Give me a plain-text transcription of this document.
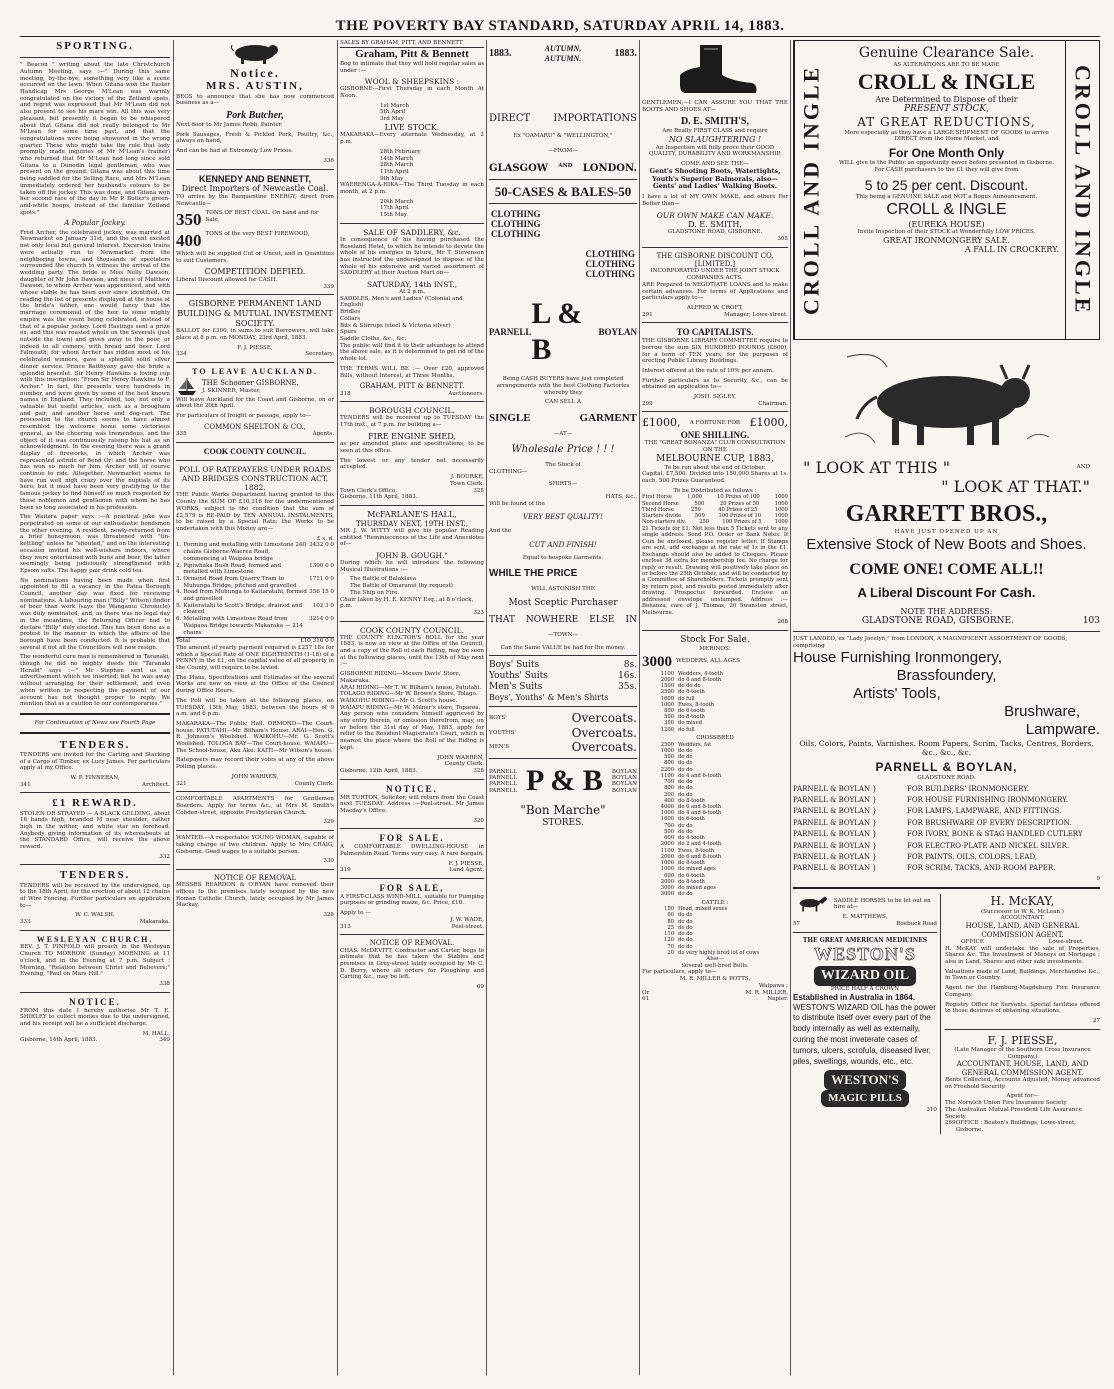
THE POVERTY BAY STANDARD, SATURDAY APRIL 14, 1883.
SPORTING.

" Beacon " writing about the late Christchurch Autumn Meeting, says :—" During this same meeting, by-the-bye, something very like a scene occurred on the lawn. When Gitana won the Easter Handicap Mrs George M'Lean was warmly congratulated on the victory of the Zetland spots, and regret was expressed that Mr M'Lean did not also present to see his mare win. All this was very pleasant, but presently it began to be whispered about that Gitana did not really belonged to Mr M'Lean for some time past, and that the congratulations were being showered in the wrong quarter. These who might take the rule that lady promptly made inquiries of Mr M'Lean's trainer) who returned that Mr M'Lean had long since sold Gitana to a Dunedin legal gentleman, who was present on the ground. Gitana was about this time being saddled for the Selling Race, and Mrs M'Lean immediately ordered her husband's colours to be taken off the jockey. This was done, and Gitana won her second race of the day in Mr P. Butler's green-and-white hoops, instead of the familiar Zetland spots."

A Popular Jockey.

Fred Archer, the celebrated jockey, was married at Newmarket on January 31st, and the event excited not only local but general interest. Excursion trains were actually run to Newmarket from the neighboring towns, and thousands of spectators surrounded the church to witness the arrival of the wedding party. The bride is Miss Nelly Dawson, daughter of Mr John Dawson, and niece of Matthew Dawson, to whom Archer was apprenticed, and with whose stable he has been ever since identified. On reading the list of presents displayed at the house of the bride's father, one would fancy that the marriage ceremonial of the heir to some mighty empire was the event being celebrated, instead of that of a popular jockey. Lord Hastings sent a prize ox, and this was roasted whole on the Severals (just outside the town) and given away to the poor, or indeed to all comers, with bread and beer. Lord Falmouth, for whom Archer has ridden most of his celebrated winners, gave a splendid solid silver dinner service. Prince Batthyany gave the bride a splendid bracelet. Sir Henry Hawkins a loving cup with this inscription: "From Sir Henry Hawkins to F. Archer." In fact, the presents were hundreds in number, and were given by some of the best known names in England. They included, too, not only a valuable but useful articles, such as a brougham and pair, and another horse and dog-cart. The procession to the church seems to have almost resembled the welcome home some victorious general, as the cheering was tremendous, and the object of it was continuously raising his hat as an acknowledgment. In the evening there was a grand display of fireworks, in which Archer was represented astride of Bend Or; and the horse who has won so much for him. Archer will of course continue to ride. Altogether, Newmarket seems to have run well nigh crazy over the nuptials of its hero; but it must have been very gratifying to the famous jockey to find himself so much respected by those noblemen and gentlemen with whom he has been so long associated in his profession.

The Waitara paper says :—A practical joke was perpetrated on some of our enthusiastic bondsmen the other evening. A resident, newly-returned from a brief honeymoon, was threatened with "tin-kettling" unless he "shouted," and on the interesting occasion invited his well-wishers indoors, where they were entertained with buns and beer, the latter seemingly being judiciously strengthened with Epsom salts. The happy pair drink cold tea.

No nominations having been made when first appointed to fill a vacancy in the Patea Borough Council, another day was fixed for receiving nominations. A labouring man ("Billy" Wilson) finder of beer than work (says the Wanganui Chronicle) was duly nominated, and, as there was no legal day in the meantime, the Returning Officer had to declare "Billy" duly elected. This has been done as a protest to the manner in which the affairs of the borough have been conducted. It is probable that several if not all the Councillors will now resign.

The wonderful cure man is remembered in Taranaki, though he did no mighty deeds the "Taranaki Herald" says :—" Mr Stephen sent us an advertisement which we inserted; but he was away without arranging for their settlement, and even when written to respecting the payment of our account has not thought proper to reply. We mention that as a caution to our contemporaries."

For Continuation of News see Fourth Page
TENDERS.

TENDERS are invited for the Carting and Stacking of a Cargo of Timber, ex Lucy James. For particulars apply at my Office.

W. P. FINNERAN,
341	Architect.
£1 REWARD.

STOLEN OR STRAYED — A BLACK GELDING, about 16 hands high, branded M near shoulder, rather high in the wither, and white star on forehead. Anybody giving information of its whereabouts at the STANDARD Office, will receive the above reward.

332
TENDERS.

TENDERS will be received by the undersigned, up to the 18th April, for the erection of about 12 chains of Wire Fencing. Further particulars on application to—

W. C. WALSH,
333	Makaraka.
WESLEYAN CHURCH.

REV. J. T. PINFOLD will preach in the Wesleyan Church TO MORROW (Sunday) MORNING at 11 o'clock, and in the Evening at 7 p.m. Subject : Morning, "Relation between Christ and Believers;" Evening, "Paul on Mars Hill."

338
NOTICE.

FROM this date I hereby authorise Mr T. E. SHIRLEY to collect monies due to the undersigned, and his receipt will be a sufficient discharge.

M. HALL,
Gisborne, 14th April, 1883.	349
Notice.
MRS. AUSTIN,

BEGS to announce that she has now commenced business as a—

Pork Butcher,

Next door to Mr James Robb, Painter.

Pork Sausages, Fresh & Pickled Pork, Poultry, &c., always on hand,

And can be had at Extremely Low Prices.

336
KENNEDY AND BENNETT,
Direct Importers of Newcastle Coal.

TO arrive by the Barquentine ENERGY, direct from Newcastle—

350 TONS OF BEST COAL. On hand and for Sale,
400 TONS of the very BEST FIREWOOD,

Which will be supplied Cut or Uncut, and in Quantities to suit Customers.

COMPETITION DEFIED.
Liberal Discount allowed for CASH.
339
GISBORNE PERMANENT LAND BUILDING & MUTUAL INVESTMENT SOCIETY.

BALLOT for £300, in sums to suit Borrowers, will take place at 8 p.m. on MONDAY, 23rd April, 1883.

F. J. PIESSE,
334	Secretary.
TO LEAVE AUCKLAND.
THE Schooner GISBORNE,
J. SKINNER, Master,

Will leave Auckland for the Coast and Gisborne, on or about the 20th April.

For particulars of freight or passage, apply to—

COMMON SHELTON & CO.,
335	Agents.
COOK COUNTY COUNCIL.
POLL OF RATEPAYERS UNDER ROADS AND BRIDGES CONSTRUCTION ACT, 1882.

THE Public Works Department having granted to this County the SUM OF £10,316 for the undermentioned WORKS, subject to the condition that the sum of £2,579 is RE-PAID by TEN ANNUAL INSTALMENTS, to be raised by a Special Rate; the Works to be undertaken with this Money are—

£ s. d.
1. Forming and metalling with Limestone 240 chains Gisborne-Waerea Road, commencing at Waipaoa bridge
3432 0 0
2. Pipiwhaka Bush Road, formed and metalled with Limestone
1300 0 0
3. Ormond Road from Quarry Tram to Muhunga Bridge, pitched and gravelled
1711 0 0
4. Road from Muhunga to Kaitaratahi, formed and gravelled
356 15 0
5. Kaiteratahi to Scott's Bridge, drained and cleared
102 3 0
6. Metalling with Limestone Road from Waipaoa Bridge towards Makaraka — 214 chains
3214 0 0
Total	£10,316 0 0

The amount of yearly payment required is £257 18s for which a Special Rate of ONE EIGHTEENTH (1-18) of a PENNY in the £1, on the capital value of all property in the County, will require to be levied.

The Plans, Specifications and Estimates of the several Works are now on view at the Office of the Council during Office Hours.

The Poll will be taken at the following places, on TUESDAY, 15th May, 1883, between the hours of 9 a.m. and 6 p.m.

MAKARAKA—The Public Hall. ORMOND—The Court-house. PATUTAHI—Mr. Bilham's House. ARAI—Hon. G. R. Johnson's Woolshed. WAIKOHU—Mr. G. Scott's Woolshed. TOLOGA BAY—The Court-house. WAIAPU—The School-house, Aku Aku. KAITI—Mr Wilson's house.

Ratepayers may record their votes at any of the above Polling places.

JOHN WARREN,
321	County Clerk.

COMFORTABLE APARTMENTS for Gentlemen Boarders. Apply for terms &c., at Mrs M. Smith's Cobden-street, opposite Presbyterian Church.

329

WANTED.—A respectable YOUNG WOMAN, capable of taking charge of two children. Apply to Mrs CRAIG, Gisborne. Good wages to a suitable person.

330
NOTICE OF REMOVAL

MESSRS REARDON & O'RYAN have removed their offices to the premises lately occupied by the new Roman Catholic Church, lately occupied by Mr James Mackay.

326
SALES BY GRAHAM, PITT, AND BENNETT
Graham, Pitt & Bennett

Beg to intimate that they will hold regular sales as under :—

WOOL & SHEEPSKINS :

GISBORNE—First Thursday in each Month At Noon.

1st March
5th April
3rd May
LIVE STOCK.

MAKARAKA—Every alternate Wednesday, at 2 p.m.

28th February
14th March
28th March
11th April
9th May

WAERENGA-A-HIKA—The Third Tuesday in each month, at 2 p.m.

20th March
17th April
15th May
SALE OF SADDLERY, &c.

In consequence of his having purchased the Roseland Hotel, to which he intends to devote the whole of his energies in future, Mr T. Stevenson has instructed the undersigned to dispose of the whole of his extensive and varied assortment of SADDLERY at their Auction Mart on—

SATURDAY, 14th INST.,
At 2 p.m.
SADDLES, Men's and Ladies' (Colonial and English)
Bridles
Collars
Bits & Stirrups (steel & Victoria silver)
Spurs
Saddle Cloths, &c., &c.

The public will find it to their advantage to attend the above sale, as it is determined to get rid of the whole lot.

THE TERMS WILL BE :— Over £20, approved Bills, without Interest, at Three Months.

GRAHAM, PITT & BENNETT.
318	Auctioneers.
BOROUGH COUNCIL.

TENDERS will be received up to TUESDAY the 17th inst., at 7 p.m. for building a—

FIRE ENGINE SHED,

as per amended plans and specifications, to be seen at this office.

The lowest or any tender not necessarily accepted.

J. BOURKE,
Town Clerk.
Town Clerk's Office,
Gisborne, 11th April, 1883.
325
McFARLANE'S HALL,
THURSDAY NEXT, 19TH INST.,

MR J. W. WITTY will give his popular Reading entitled "Reminiscences of the Life and Anecdotes of—

JOHN B. GOUGH."

During which he will introduce the following Musical Illustrations :—

The Battle of Balaklava
The Battle of Omaranui (by request)
The Ship on Fire.
Chair taken by H. E. KENNY Esq., at 8 o'clock, p.m.
323
COOK COUNTY COUNCIL.

THE COUNTY ELECTOR'S ROLL for the year 1883, is now on view at the Office of the Council, and a copy of the Roll of each Riding, may be seen at the following places, until the 13th of May next :—

GISBORNE RIDING—Messrs Davis' Store, Makaraka.
ARAI RIDING—Mr T. W. Bilham's house, Patutahi.
TOLAGO RIDING—Mr W. Brown's Store, Tolago.
WAIKOHU RIDING—Mr G. Scott's house.
WAIAPU RIDING—Mr W. Milner's store, Toparoa.

Any person who considers himself aggrieved by any entry therein, or omission therefrom, may, on or before the 31st day of May, 1883, apply for relief to the Resident Magistrate's Court, which is nearest the place where the Roll of the Riding is kept.

JOHN WARREN,
County Clerk.
Gisborne, 12th April, 1883.	328
NOTICE.

MR TURTON, Solicitor, will return from the Coast next TUESDAY. Address :—Peel-street. Mr James Macday's Office.

320
FOR SALE.

A COMFORTABLE DWELLING-HOUSE in Palmerston Road. Terms very easy. A rare bargain.

F. J. PIESSE,
319	Land Agent.
FOR SALE,

A FIRST-CLASS WIND-MILL, suitable for Pumping purposes or grinding maize, &c. Price, £10.

Apply to —
J. W. WADE,
313	Peel-street.
NOTICE OF REMOVAL.

CHAS. McDEVITT, Contractor and Carter, begs to intimate that he has taken the Stables and premises in Grey-street lately occupied by Mr C. D. Berry, where all orders for Ploughing and Carting &c., may be left.

69
1883.	AUTUMN,
AUTUMN.	1883.
DIRECT IMPORTATIONS
Ex "OAMARU" & "WELLINGTON,"
—FROM—
GLASGOW AND LONDON.
50-CASES & BALES-50
CLOTHING
CLOTHING
CLOTHING
CLOTHING
CLOTHING
CLOTHING
PARNELL
L & B
BOYLAN

Being CASH BUYERS have just completed arrangements with the best Clothing Factories whereby they

CAN SELL A
SINGLE	GARMENT
—AT—
Wholesale Price ! ! !
The Stock of
CLOTHING—
SHIRTS—
HATS, &c.,
Will be found of the
VERY BEST QUALITY!
And the
CUT AND FINISH!
Equal to bespoke Garments.
WHILE THE PRICE
WILL ASTONISH THE
Most Sceptic Purchaser
THAT NOWHERE ELSE IN
—TOWN—
Can the Same VALUE be had for the money.
Boys' Suits	8s.
Youths' Suits	16s.
Men's Suits	35s.
Boys', Youths' & Men's Shirts
BOYS'	Overcoats.
YOUTHS'	Overcoats.
MEN'S	Overcoats.
PARNELL
PARNELL
PARNELL
PARNELL P & B BOYLAN
BOYLAN
BOYLAN
BOYLAN
"Bon Marche"
STORES.

GENTLEMEN,—I CAN ASSURE YOU THAT THE BOOTS AND SHOES AT—

D. E. SMITH'S,
Are Really FIRST CLASS and require
NO SLAUGHTERING !

An Inspection will fully prove their GOOD QUALITY, DURABILITY AND WORKMANSHIP,

COME AND SEE THE—

Gent's Shooting Boots, Watertights, Youth's Superior Balmorals, also— Gents' and Ladies' Walking Boots.

I have a lot of MY OWN MAKE, and others For Better than—

OUR OWN MAKE CAN MAKE.
D. E. SMITH,
GLADSTONE ROAD, GISBORNE.
305
THE GISBORNE DISCOUNT CO, [LIMITED.]
INCORPORATED UNDER THE JOINT STOCK COMPANIES ACTS.

ARE Prepared to NEGOTIATE LOANS and to make certain advances. For terms of Applications and particulars apply to—

ALFRED W. CROFT,
291	Manager, Lowe-street.
TO CAPITALISTS.

THE GISBORNE LIBRARY COMMITTEE require to borrow the sum SIX HUNDRED POUNDS (£600), for a term of TEN years, for the purposes of erecting Public Library Buildings.

Interest offered at the rate of 10% per annum.

Further particulars as to Security &c., can be obtained on application to—

JOSH. SIGLEY,
299	Chairman.
£1000, A FORTUNE FOR £1000,
ONE SHILLING.
THE "GREAT BONANZA" CLUB CONSULTATION ON THE
MELBOURNE CUP, 1883,
To be run about the end of October.

Capital, £7,500. Divided into 150,000 Shares at 1s. each. 500 Prizes Guaranteed.

To be Distributed as follows :
First Horse	1,000	10 Prizes of 100	1000
Second Horse	500	20 Prizes of 50	1000
Third Horse	250	40 Prizes of 25	1000
Starters divide	500	100 Prizes of 10	1000
Non-starters div.	250	100 Prizes of 5	1000

21 Tickets for £1. Not less than 5 Tickets sent to any single address. Send P.O. Order or Bank Notes. If Coin be enclosed, please register letter. If Stamps are sent, add exchange at the rate of 1s in the £1. Exchange should also be added to Cheques. Please enclose 3d extra for membership fee. No charge for reply or result. Drawing will positively take place on or before the 25th October, and will be conducted by a Committee of Shareholders. Tickets promptly sent by return post, and results posted immediately after drawing. Prospectus forwarded. Enclose an addressed envelope unstamped. Address :— Bonanza, care of J. Thomas, 20 Swanston street, Melbourne.

268
Stock For Sale.
MERINOS:
3000 WEDDERS, ALL AGES
1100 Wedders, 4-tooth
2000 do 6 and 8-tooth
1500 do do do
2500 do 8-tooth
1600 do full
1000 Ewes, 8-tooth
800 do 6-tooth
500 do 8-tooth
300 do mixed
1200 do full
CROSSBRED
2500 Wedders, fat
1000 do do
500 do do
800 do do
2200 do do
1100 do 4 and 6-tooth
700 do do
800 do do
200 do do
400 do 8-tooth
4000 do 6 and 8-tooth
1000 do 4 and 6-tooth
1600 do 6-tooth
700 do do
500 do do
600 do 4-tooth
2000 do 2 and 4-tooth
1100 Ewes, 8-tooth
2000 do 6 and 8-tooth
1000 do 8-tooth
1000 do mixed ages
600 do 6-tooth
2000 do 8-tooth
3000 do mixed ages
3000 do do
CATTLE :
150 Head, mixed sexes
60 do do
80 do do
25 do do
110 do do
120 do do
70 do do
20 do very highly bred lot of cows
Also—
Several well-bred Bulls.
For particulars, apply to—
M. R. MILLER & POTTS,
Waipawa ;
Or	M. R. MILLER,
61	Napier.
CROLL AND INGLE
Genuine Clearance Sale.
AS ALTERATIONS ARE TO BE MADE
CROLL & INGLE
Are Determined to Dispose of their
PRESENT STOCK,
AT GREAT REDUCTIONS,

More especially as they have a LARGE SHIPMENT OF GOODS to arrive DIRECT from the Home Market, and

For One Month Only

WILL give to the Public an opportunity never before presented in Gisborne. For CASH purchasers to the £1 they will give from

5 to 25 per cent. Discount.
This being a GENUINE SALE and NOT a Bogus Announcement.
CROLL & INGLE
(EUREKA HOUSE)
Invite Inspection of their STOCK at Wonderfully LOW PRICES.
GREAT IRONMONGERY SALE.
A FALL IN CROCKERY. CROLL AND INGLE
" LOOK AT THIS "	AND
" LOOK AT THAT."
GARRETT BROS.,
HAVE JUST OPENED UP AN
Extensive Stock of New Boots and Shoes.
COME ONE! COME ALL!!
A Liberal Discount For Cash.
NOTE THE ADDRESS:
GLADSTONE ROAD, GISBORNE.	103
JUST LANDED, ex "Lady Jocelyn," from LONDON, A MAGNIFICENT ASSORTMENT OF GOODS, comprising
House Furnishing Ironmongery,
Brassfoundery,
Artists' Tools,
Brushware,
Lampware.
Oils, Colors, Paints, Varnishes, Room Papers, Scrim, Tacks, Centres, Borders, &c., &c., &c.
PARNELL & BOYLAN,
GLADSTONE ROAD.
PARNELL & BOYLAN }	FOR BUILDERS' IRONMONGERY.
PARNELL & BOYLAN }	FOR HOUSE FURNISHING IRONMONGERY.
PARNELL & BOYLAN }	FOR LAMPS, LAMPWARE, AND FITTINGS.
PARNELL & BOYLAN }	FOR BRUSHWARE OF EVERY DESCRIPTION.
PARNELL & BOYLAN }	FOR IVORY, BONE & STAG HANDLED CUTLERY
PARNELL & BOYLAN }	FOR ELECTRO-PLATE AND NICKEL SILVER.
PARNELL & BOYLAN }	FOR PAINTS, OILS, COLORS, LEAD,
PARNELL & BOYLAN }	FOR SCRIM, TACKS, AND ROOM PAPER.
9
SADDLE HORSES to be let out on hire at—
E. MATTHEWS,
57	Roebuck Road
THE GREAT AMERICAN MEDICINES
WESTON'S
WIZARD OIL
PRICE HALF A CROWN
Established in Australia in 1864.

WESTON'S WIZARD OIL has the power to distribute itself over every part of the body internally as well as externally, curing the most inveterate cases of tumors, ulcers, scrofula, diseased liver, piles, swellings, wounds, etc., etc.

WESTON'S
MAGIC PILLS
310
H. McKAY,
(Successor to W. K. McLean.)
ACCOUNTANT.
HOUSE, LAND, AND GENERAL COMMISSION AGENT.
OFFICE	Lowe-street.

H. McKAY will undertake the sale of Properties, Shares &c. The Investment of Moneys on Mortgage ; also in Land, Shares and other safe investments.

Valuations made of Land, Buildings, Merchandise &c., in Town or Country.

Agent for the Hamburg-Magdeburg Fire Insurance Company.

Registry Office for Servants. Special facilities offered to those desirous of obtaining situations.

27
F. J. PIESSE,
(Late Manager of the Southern Cross Insurance Company,)
ACCOUNTANT, HOUSE, LAND, AND GENERAL COMMISSION AGENT.

Rents Collected, Accounts Adjusted, Money advanced on Freehold Security.

Agent for—
The Norwich Union Fire Insurance Society
The Australian Mutual Provident Life Assurance Society.
269 OFFICE : Beaton's Buildings, Lowe-street, Gisborne.
